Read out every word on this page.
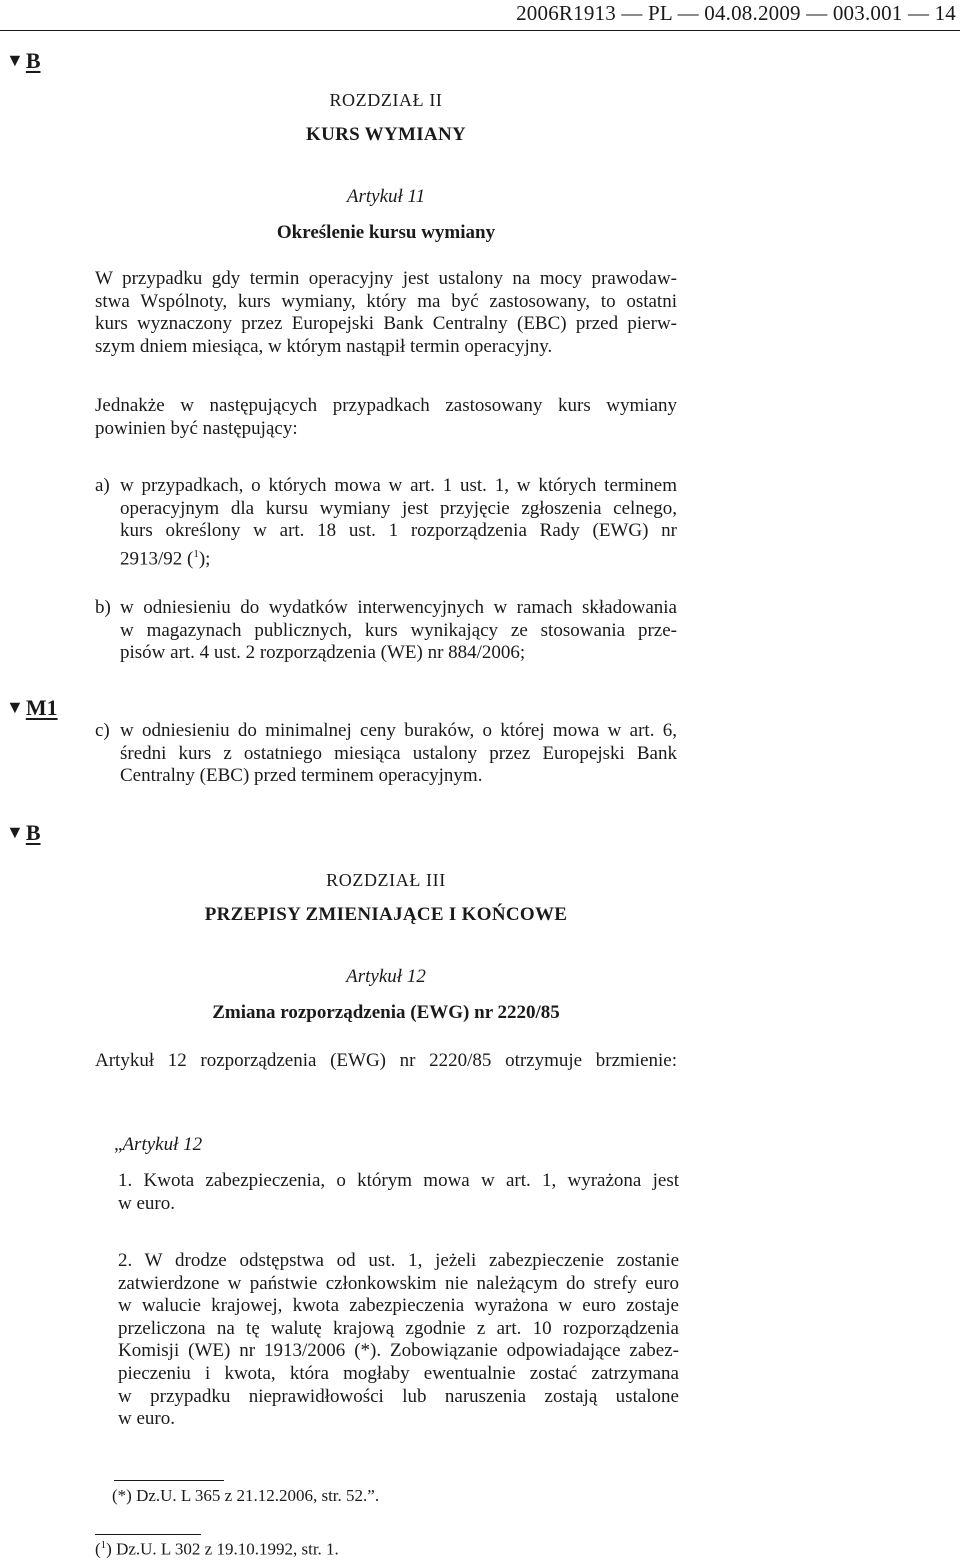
2006R1913 — PL — 04.08.2009 — 003.001 — 14
▼B
ROZDZIAŁ II
KURS WYMIANY
Artykuł 11
Określenie kursu wymiany
W przypadku gdy termin operacyjny jest ustalony na mocy prawodaw-
stwa Wspólnoty, kurs wymiany, który ma być zastosowany, to ostatni
kurs wyznaczony przez Europejski Bank Centralny (EBC) przed pierw-
szym dniem miesiąca, w którym nastąpił termin operacyjny.
Jednakże w następujących przypadkach zastosowany kurs wymiany
powinien być następujący:
a) w przypadkach, o których mowa w art. 1 ust. 1, w których terminem
operacyjnym dla kursu wymiany jest przyjęcie zgłoszenia celnego,
kurs określony w art. 18 ust. 1 rozporządzenia Rady (EWG) nr
2913/92 ($^1$);
b) w odniesieniu do wydatków interwencyjnych w ramach składowania
w magazynach publicznych, kurs wynikający ze stosowania prze-
pisów art. 4 ust. 2 rozporządzenia (WE) nr 884/2006;
▼M1
c) w odniesieniu do minimalnej ceny buraków, o której mowa w art. 6,
średni kurs z ostatniego miesiąca ustalony przez Europejski Bank
Centralny (EBC) przed terminem operacyjnym.
▼B
ROZDZIAŁ III
PRZEPISY ZMIENIAJĄCE I KOŃCOWE
Artykuł 12
Zmiana rozporządzenia (EWG) nr 2220/85
Artykuł 12 rozporządzenia (EWG) nr 2220/85 otrzymuje brzmienie:
„Artykuł 12
1. Kwota zabezpieczenia, o którym mowa w art. 1, wyrażona jest
w euro.
2. W drodze odstępstwa od ust. 1, jeżeli zabezpieczenie zostanie
zatwierdzone w państwie członkowskim nie należącym do strefy euro
w walucie krajowej, kwota zabezpieczenia wyrażona w euro zostaje
przeliczona na tę walutę krajową zgodnie z art. 10 rozporządzenia
Komisji (WE) nr 1913/2006 (*). Zobowiązanie odpowiadające zabez-
pieczeniu i kwota, która mogłaby ewentualnie zostać zatrzymana
w przypadku nieprawidłowości lub naruszenia zostają ustalone
w euro.
(*) Dz.U. L 365 z 21.12.2006, str. 52.”.
($^1$) Dz.U. L 302 z 19.10.1992, str. 1.
